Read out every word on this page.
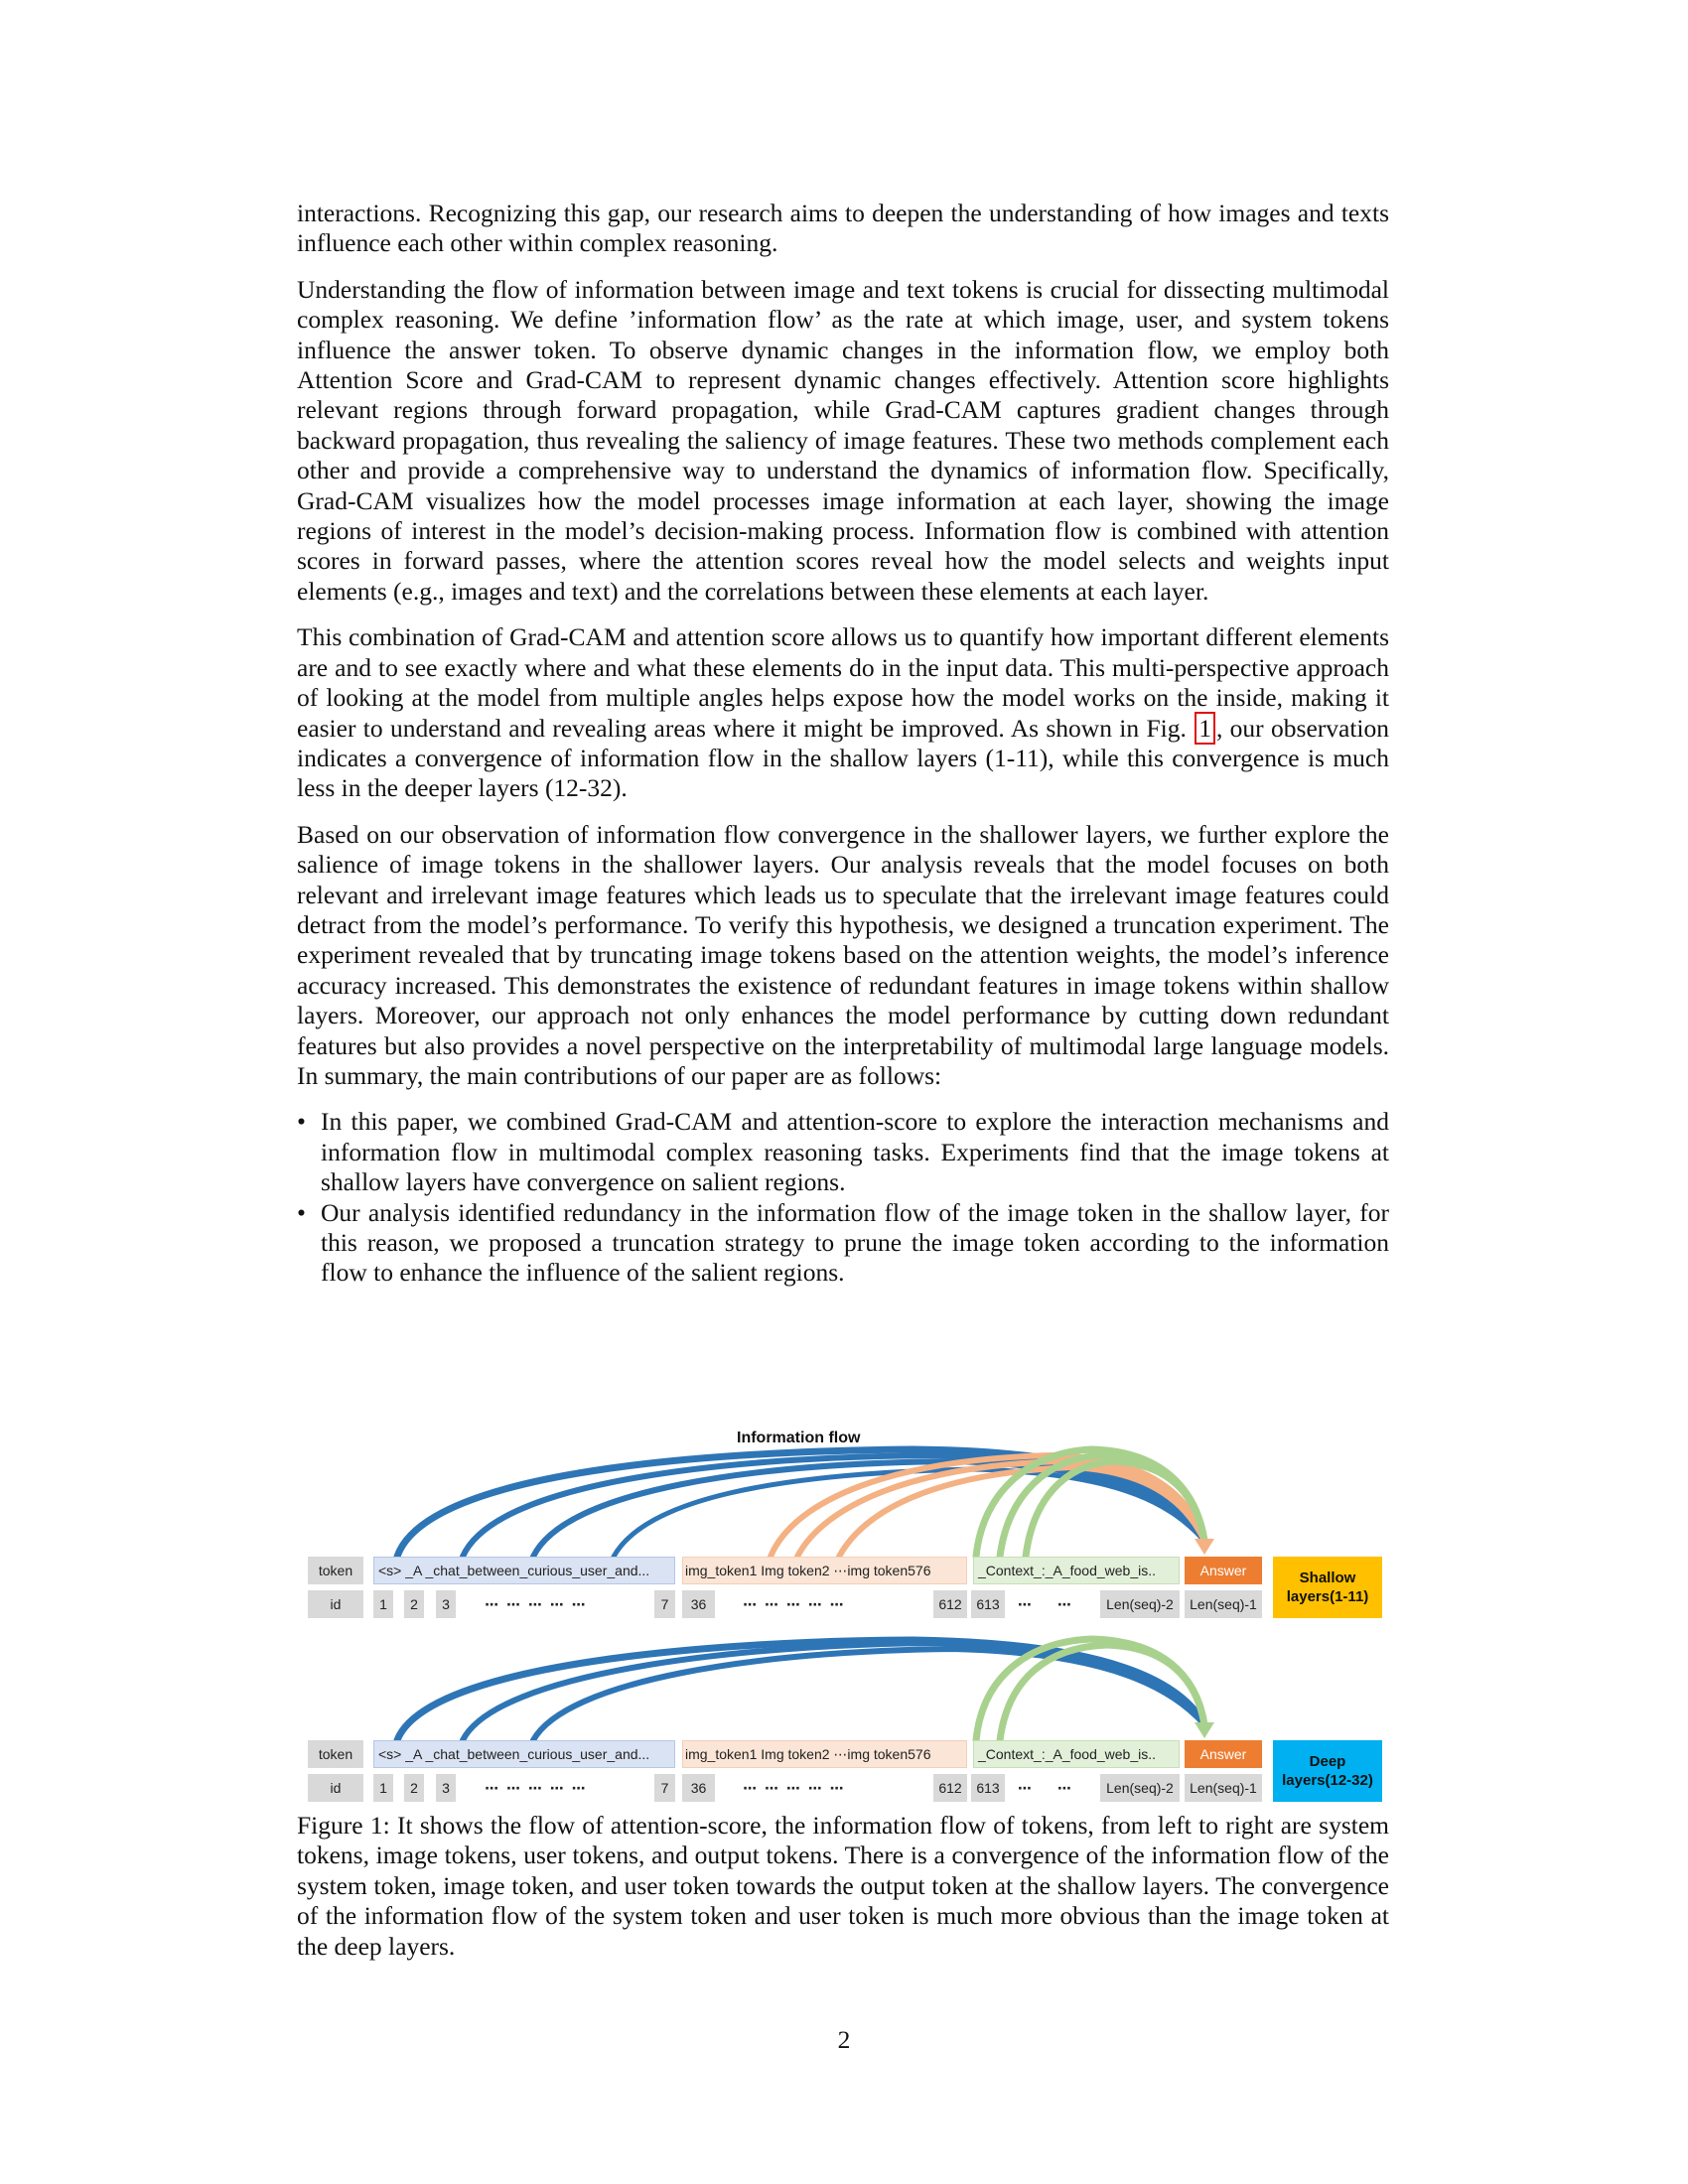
interactions. Recognizing this gap, our research aims to deepen the understanding of how images and texts influence each other within complex reasoning.

Understanding the flow of information between image and text tokens is crucial for dissecting multimodal complex reasoning. We define ’information flow’ as the rate at which image, user, and system tokens influence the answer token. To observe dynamic changes in the information flow, we employ both Attention Score and Grad-CAM to represent dynamic changes effectively. Attention score highlights relevant regions through forward propagation, while Grad-CAM captures gradient changes through backward propagation, thus revealing the saliency of image features. These two methods complement each other and provide a comprehensive way to understand the dynamics of information flow. Specifically, Grad-CAM visualizes how the model processes image information at each layer, showing the image regions of interest in the model’s decision-making process. Information flow is combined with attention scores in forward passes, where the attention scores reveal how the model selects and weights input elements (e.g., images and text) and the correlations between these elements at each layer.

This combination of Grad-CAM and attention score allows us to quantify how important different elements are and to see exactly where and what these elements do in the input data. This multi-perspective approach of looking at the model from multiple angles helps expose how the model works on the inside, making it easier to understand and revealing areas where it might be improved. As shown in Fig. 1 , our observation indicates a convergence of information flow in the shallow layers (1-11), while this convergence is much less in the deeper layers (12-32).

Based on our observation of information flow convergence in the shallower layers, we further explore the salience of image tokens in the shallower layers. Our analysis reveals that the model focuses on both relevant and irrelevant image features which leads us to speculate that the irrelevant image features could detract from the model’s performance. To verify this hypothesis, we designed a truncation experiment. The experiment revealed that by truncating image tokens based on the attention weights, the model’s inference accuracy increased. This demonstrates the existence of redundant features in image tokens within shallow layers. Moreover, our approach not only enhances the model performance by cutting down redundant features but also provides a novel perspective on the interpretability of multimodal large language models. In summary, the main contributions of our paper are as follows:

• In this paper, we combined Grad-CAM and attention-score to explore the interaction mechanisms and information flow in multimodal complex reasoning tasks. Experiments find that the image tokens at shallow layers have convergence on salient regions.
• Our analysis identified redundancy in the information flow of the image token in the shallow layer, for this reason, we proposed a truncation strategy to prune the image token according to the information flow to enhance the influence of the salient regions.
Information flow
token	<s> _A _chat_between_curious_user_and...	img_token1 Img token2 ⋯img token576	_Context_:_A_food_web_is..	Answer
id	1	2	3	⋯ ⋯ ⋯ ⋯ ⋯	7	36	⋯ ⋯ ⋯ ⋯ ⋯	612	613	⋯	⋯	Len(seq)-2	Len(seq)-1
Shallow
layers(1-11)
token	<s> _A _chat_between_curious_user_and...	img_token1 Img token2 ⋯img token576	_Context_:_A_food_web_is..	Answer
id	1	2	3	⋯ ⋯ ⋯ ⋯ ⋯	7	36	⋯ ⋯ ⋯ ⋯ ⋯	612	613	⋯	⋯	Len(seq)-2	Len(seq)-1
Deep
layers(12-32)
Figure 1: It shows the flow of attention-score, the information flow of tokens, from left to right are system tokens, image tokens, user tokens, and output tokens. There is a convergence of the information flow of the system token, image token, and user token towards the output token at the shallow layers. The convergence of the information flow of the system token and user token is much more obvious than the image token at the deep layers.
2
